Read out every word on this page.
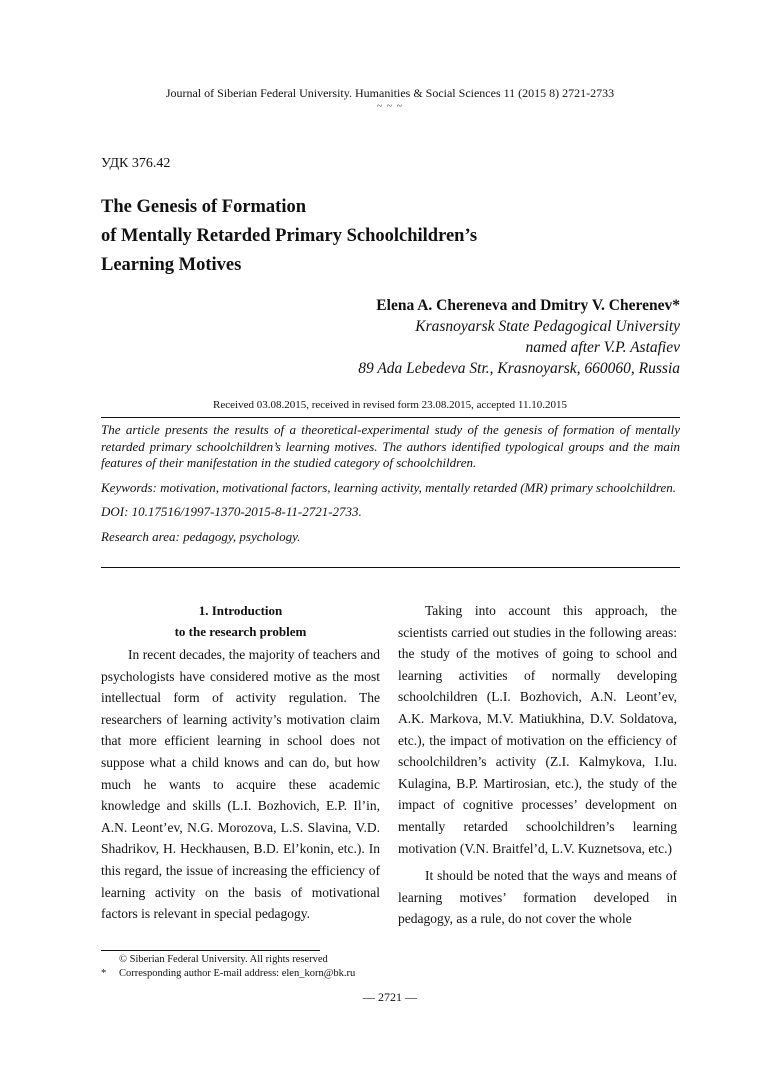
Journal of Siberian Federal University. Humanities & Social Sciences 11 (2015 8) 2721-2733
~ ~ ~
УДК 376.42
The Genesis of Formation
of Mentally Retarded Primary Schoolchildren’s
Learning Motives
Elena A. Chereneva and Dmitry V. Cherenev*
Krasnoyarsk State Pedagogical University
named after V.P. Astafiev
89 Ada Lebedeva Str., Krasnoyarsk, 660060, Russia
Received 03.08.2015, received in revised form 23.08.2015, accepted 11.10.2015

The article presents the results of a theoretical-experimental study of the genesis of formation of mentally retarded primary schoolchildren’s learning motives. The authors identified typological groups and the main features of their manifestation in the studied category of schoolchildren.

Keywords: motivation, motivational factors, learning activity, mentally retarded (MR) primary schoolchildren.

DOI: 10.17516/1997-1370-2015-8-11-2721-2733.

Research area: pedagogy, psychology.

1. Introduction
to the research problem

In recent decades, the majority of teachers and psychologists have considered motive as the most intellectual form of activity regulation. The researchers of learning activity’s motivation claim that more efficient learning in school does not suppose what a child knows and can do, but how much he wants to acquire these academic knowledge and skills (L.I. Bozhovich, E.P. Il’in, A.N. Leont’ev, N.G. Morozova, L.S. Slavina, V.D. Shadrikov, H. Heckhausen, B.D. El’konin, etc.). In this regard, the issue of increasing the efficiency of learning activity on the basis of motivational factors is relevant in special pedagogy.

Taking into account this approach, the scientists carried out studies in the following areas: the study of the motives of going to school and learning activities of normally developing schoolchildren (L.I. Bozhovich, A.N. Leont’ev, A.K. Markova, M.V. Matiukhina, D.V. Soldatova, etc.), the impact of motivation on the efficiency of schoolchildren’s activity (Z.I. Kalmykova, I.Iu. Kulagina, B.P. Martirosian, etc.), the study of the impact of cognitive processes’ development on mentally retarded schoolchildren’s learning motivation (V.N. Braitfel’d, L.V. Kuznetsova, etc.)

It should be noted that the ways and means of learning motives’ formation developed in pedagogy, as a rule, do not cover the whole

© Siberian Federal University. All rights reserved
* Corresponding author E-mail address: elen_korn@bk.ru
— 2721 —
